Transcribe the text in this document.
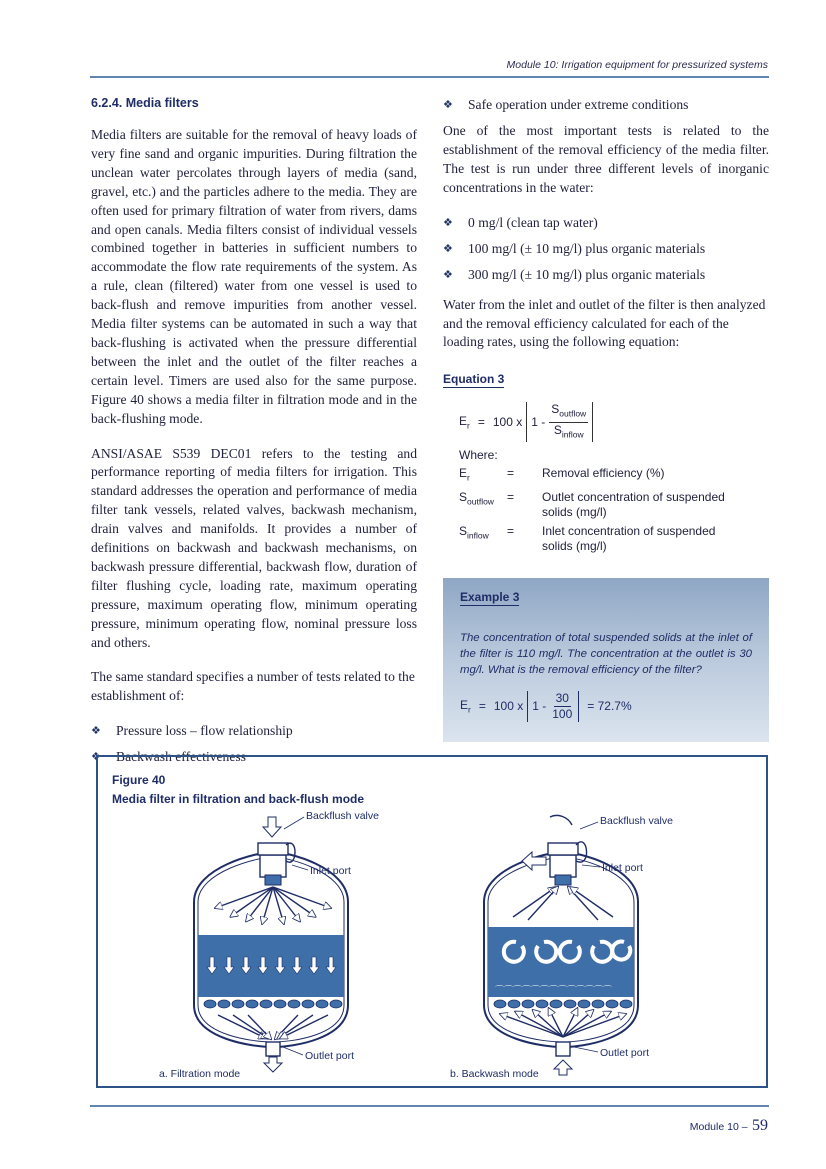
Module 10: Irrigation equipment for pressurized systems
6.2.4. Media filters

Media filters are suitable for the removal of heavy loads of very fine sand and organic impurities. During filtration the unclean water percolates through layers of media (sand, gravel, etc.) and the particles adhere to the media. They are often used for primary filtration of water from rivers, dams and open canals. Media filters consist of individual vessels combined together in batteries in sufficient numbers to accommodate the flow rate requirements of the system. As a rule, clean (filtered) water from one vessel is used to back-flush and remove impurities from another vessel. Media filter systems can be automated in such a way that back-flushing is activated when the pressure differential between the inlet and the outlet of the filter reaches a certain level. Timers are used also for the same purpose. Figure 40 shows a media filter in filtration mode and in the back-flushing mode.

ANSI/ASAE S539 DEC01 refers to the testing and performance reporting of media filters for irrigation. This standard addresses the operation and performance of media filter tank vessels, related valves, backwash mechanism, drain valves and manifolds. It provides a number of definitions on backwash and backwash mechanisms, on backwash pressure differential, backwash flow, duration of filter flushing cycle, loading rate, maximum operating pressure, maximum operating flow, minimum operating pressure, minimum operating flow, nominal pressure loss and others.

The same standard specifies a number of tests related to the establishment of:

❖ Pressure loss – flow relationship
❖ Backwash effectiveness
❖ Safe operation under extreme conditions

One of the most important tests is related to the establishment of the removal efficiency of the media filter. The test is run under three different levels of inorganic concentrations in the water:

❖ 0 mg/l (clean tap water)
❖ 100 mg/l (± 10 mg/l) plus organic materials
❖ 300 mg/l (± 10 mg/l) plus organic materials

Water from the inlet and outlet of the filter is then analyzed and the removal efficiency calculated for each of the loading rates, using the following equation:

Equation 3
$E_r = 100$ x $1 - \frac{S_{outflow}}{S_{inflow}}$
Where:
$E_r$	=	Removal efficiency (%)
$S_{outflow}$	=	Outlet concentration of suspended solids (mg/l)
$S_{inflow}$	=	Inlet concentration of suspended solids (mg/l)
Example 3
The concentration of total suspended solids at the inlet of the filter is 110 mg/l. The concentration at the outlet is 30 mg/l. What is the removal efficiency of the filter?
$E_r = 100$ x $1 - \frac{30}{100} = 72.7\%$
Figure 40
Media filter in filtration and back-flush mode
⌒⌒⌒⌒⌒⌒⌒⌒⌒⌒⌒⌒⌒
Backflush valve
Inlet port
Outlet port
Backflush valve
Inlet port
Outlet port
a. Filtration mode	b. Backwash mode
Module 10 – 59
